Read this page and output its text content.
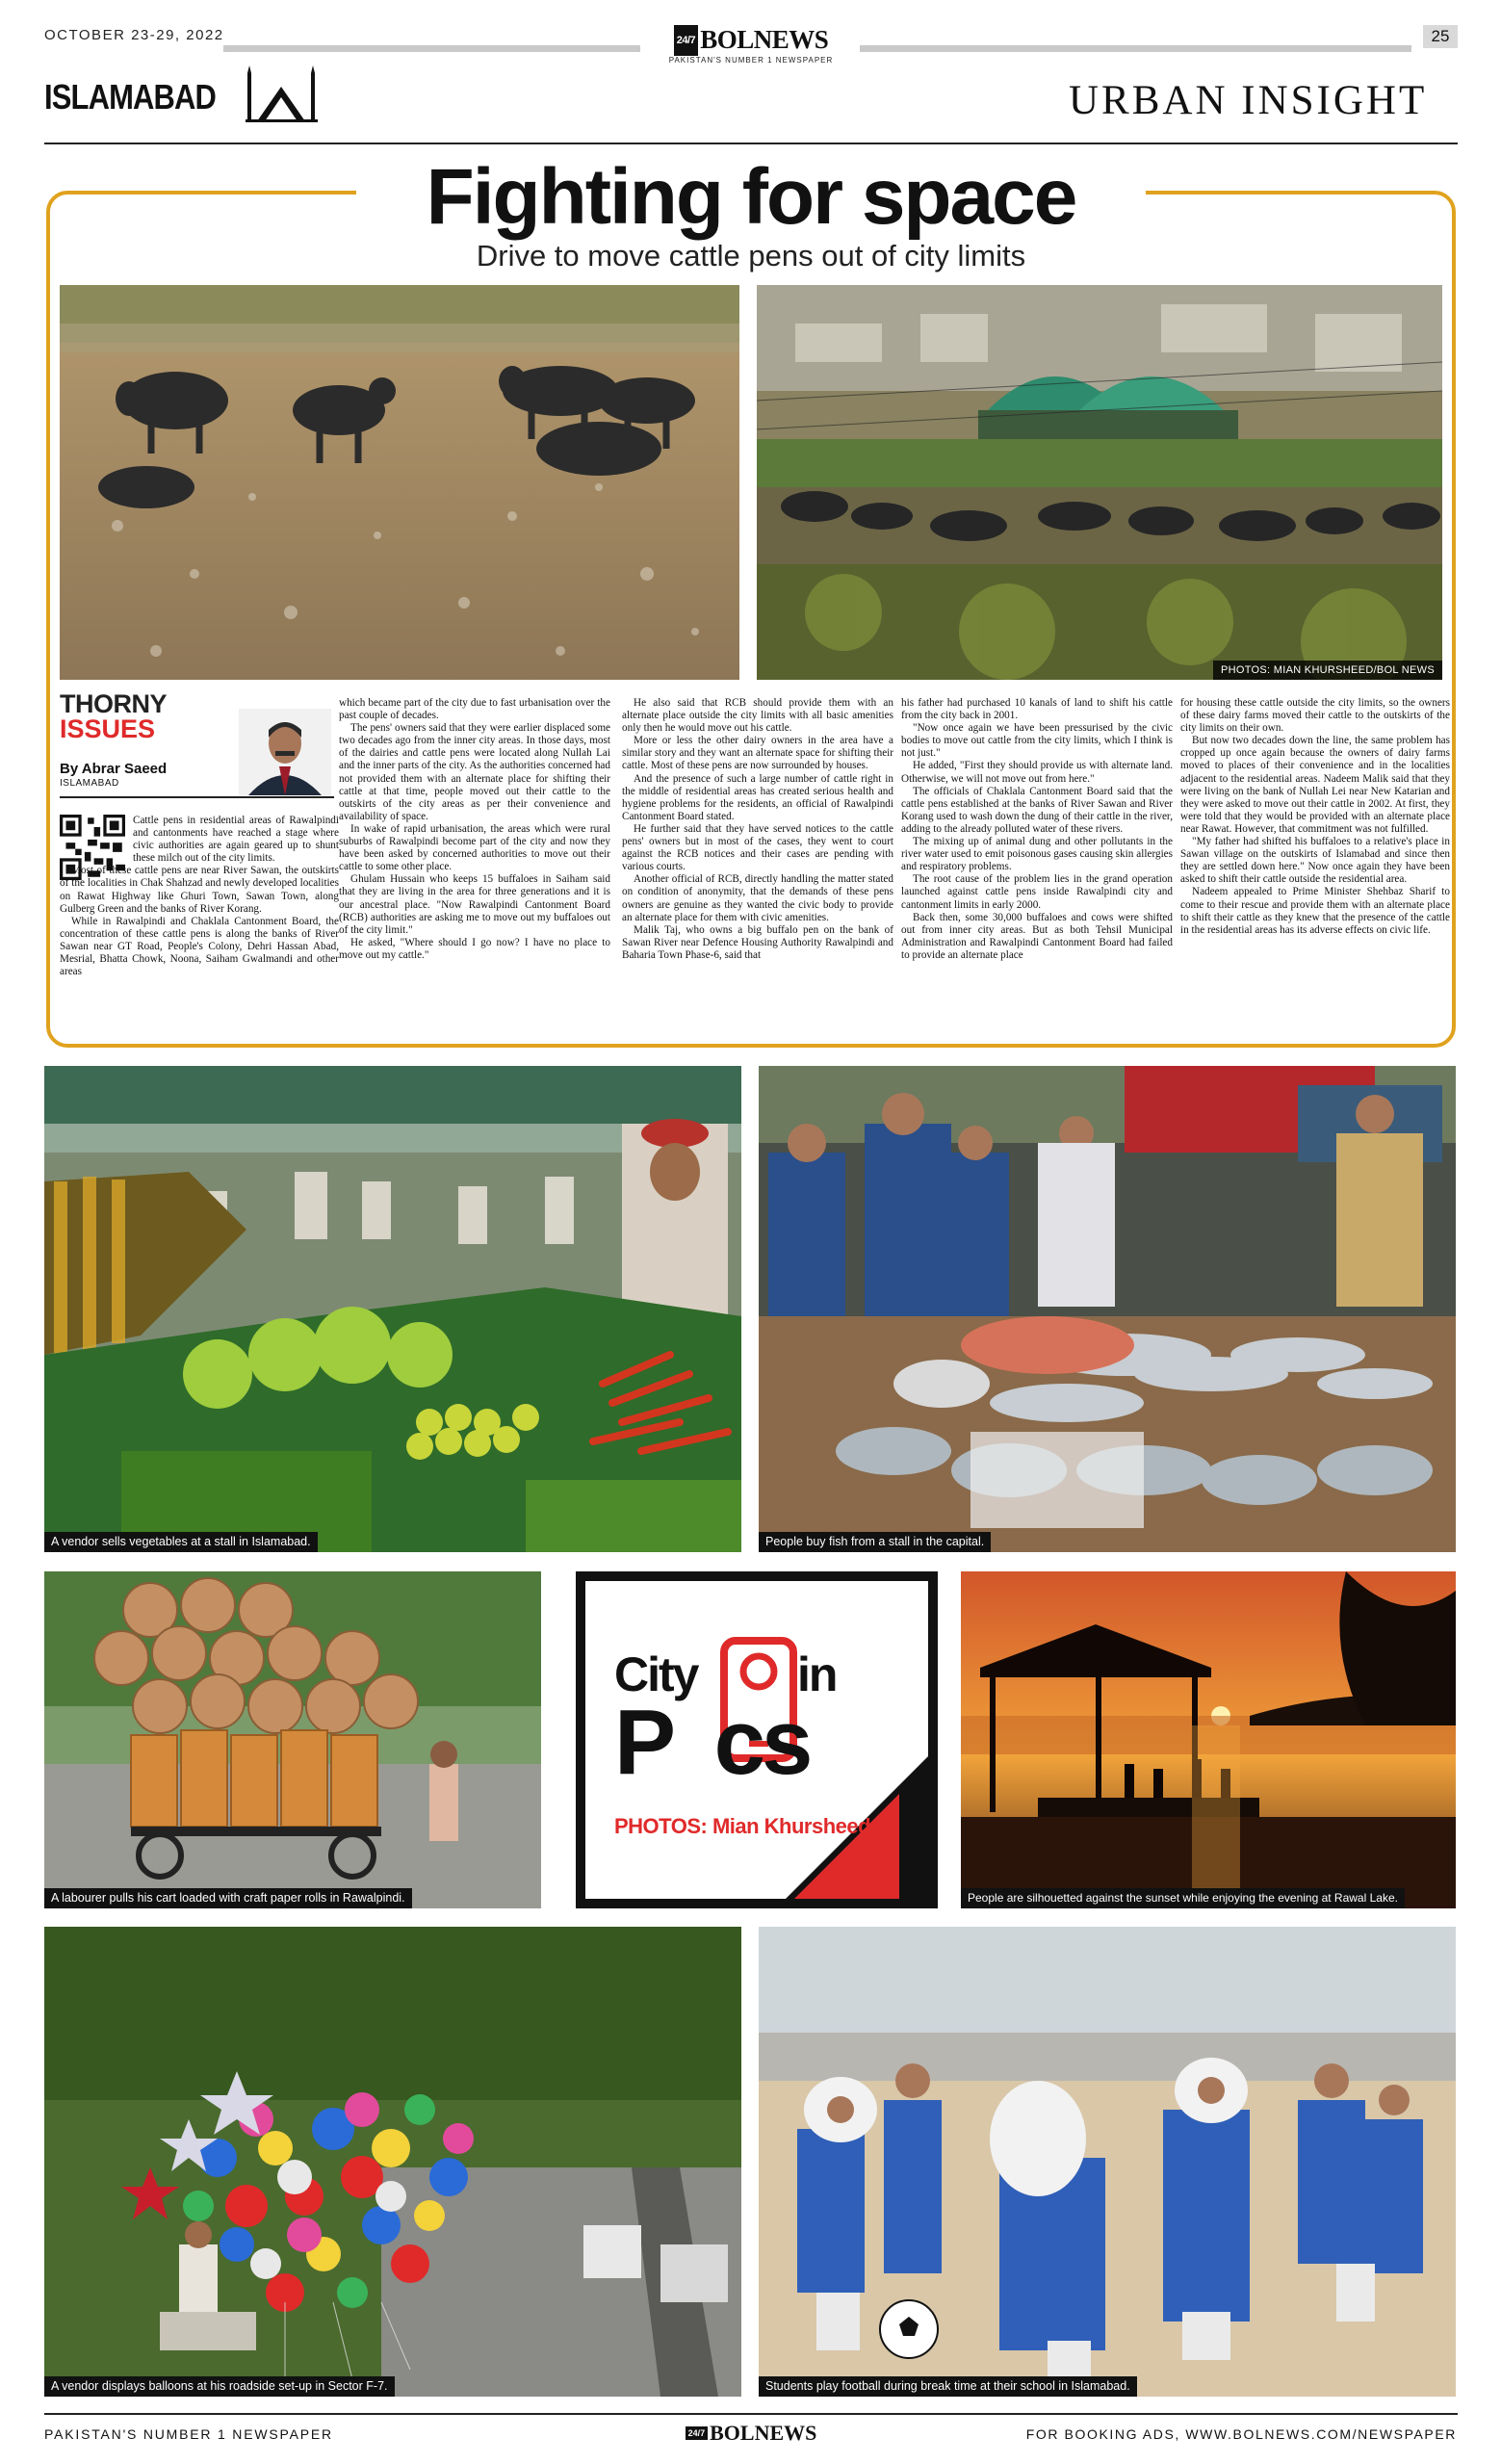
OCTOBER 23-29, 2022	24/7 BOLNEWS
PAKISTAN'S NUMBER 1 NEWSPAPER
25
ISLAMABAD	URBAN INSIGHT
Fighting for space
Drive to move cattle pens out of city limits
PHOTOS: MIAN KHURSHEED/BOL NEWS
THORNY
ISSUES
By Abrar Saeed
ISLAMABAD

Cattle pens in residential areas of Rawalpindi and cantonments have reached a stage where civic authorities are again geared up to shunt these milch out of the city limits.

Most of these cattle pens are near River Sawan, the outskirts of the localities in Chak Shahzad and newly developed localities on Rawat Highway like Ghuri Town, Sawan Town, along Gulberg Green and the banks of River Korang.

While in Rawalpindi and Chaklala Cantonment Board, the concentration of these cattle pens is along the banks of River Sawan near GT Road, People's Colony, Dehri Hassan Abad, Mesrial, Bhatta Chowk, Noona, Saiham Gwalmandi and other areas

which became part of the city due to fast urbanisation over the past couple of decades.

The pens' owners said that they were earlier displaced some two decades ago from the inner city areas. In those days, most of the dairies and cattle pens were located along Nullah Lai and the inner parts of the city. As the authorities concerned had not provided them with an alternate place for shifting their cattle at that time, people moved out their cattle to the outskirts of the city areas as per their convenience and availability of space.

In wake of rapid urbanisation, the areas which were rural suburbs of Rawalpindi become part of the city and now they have been asked by concerned authorities to move out their cattle to some other place.

Ghulam Hussain who keeps 15 buffaloes in Saiham said that they are living in the area for three generations and it is our ancestral place. "Now Rawalpindi Cantonment Board (RCB) authorities are asking me to move out my buffaloes out of the city limit."

He asked, "Where should I go now? I have no place to move out my cattle."

He also said that RCB should provide them with an alternate place outside the city limits with all basic amenities only then he would move out his cattle.

More or less the other dairy owners in the area have a similar story and they want an alternate space for shifting their cattle. Most of these pens are now surrounded by houses.

And the presence of such a large number of cattle right in the middle of residential areas has created serious health and hygiene problems for the residents, an official of Rawalpindi Cantonment Board stated.

He further said that they have served notices to the cattle pens' owners but in most of the cases, they went to court against the RCB notices and their cases are pending with various courts.

Another official of RCB, directly handling the matter stated on condition of anonymity, that the demands of these pens owners are genuine as they wanted the civic body to provide an alternate place for them with civic amenities.

Malik Taj, who owns a big buffalo pen on the bank of Sawan River near Defence Housing Authority Rawalpindi and Baharia Town Phase-6, said that

his father had purchased 10 kanals of land to shift his cattle from the city back in 2001.

"Now once again we have been pressurised by the civic bodies to move out cattle from the city limits, which I think is not just."

He added, "First they should provide us with alternate land. Otherwise, we will not move out from here."

The officials of Chaklala Cantonment Board said that the cattle pens established at the banks of River Sawan and River Korang used to wash down the dung of their cattle in the river, adding to the already polluted water of these rivers.

The mixing up of animal dung and other pollutants in the river water used to emit poisonous gases causing skin allergies and respiratory problems.

The root cause of the problem lies in the grand operation launched against cattle pens inside Rawalpindi city and cantonment limits in early 2000.

Back then, some 30,000 buffaloes and cows were shifted out from inner city areas. But as both Tehsil Municipal Administration and Rawalpindi Cantonment Board had failed to provide an alternate place

for housing these cattle outside the city limits, so the owners of these dairy farms moved their cattle to the outskirts of the city limits on their own.

But now two decades down the line, the same problem has cropped up once again because the owners of dairy farms moved to places of their convenience and in the localities adjacent to the residential areas. Nadeem Malik said that they were living on the bank of Nullah Lei near New Katarian and they were asked to move out their cattle in 2002. At first, they were told that they would be provided with an alternate place near Rawat. However, that commitment was not fulfilled.

"My father had shifted his buffaloes to a relative's place in Sawan village on the outskirts of Islamabad and since then they are settled down here." Now once again they have been asked to shift their cattle outside the residential area.

Nadeem appealed to Prime Minister Shehbaz Sharif to come to their rescue and provide them with an alternate place to shift their cattle as they knew that the presence of the cattle in the residential areas has its adverse effects on civic life.

A vendor sells vegetables at a stall in Islamabad.	People buy fish from a stall in the capital.
A labourer pulls his cart loaded with craft paper rolls in Rawalpindi.
City in
P  cs
PHOTOS: Mian Khursheed
People are silhouetted against the sunset while enjoying the evening at Rawal Lake.
A vendor displays balloons at his roadside set-up in Sector F-7.	Students play football during break time at their school in Islamabad.
PAKISTAN'S NUMBER 1 NEWSPAPER	24/7 BOLNEWS	FOR BOOKING ADS, WWW.BOLNEWS.COM/NEWSPAPER
